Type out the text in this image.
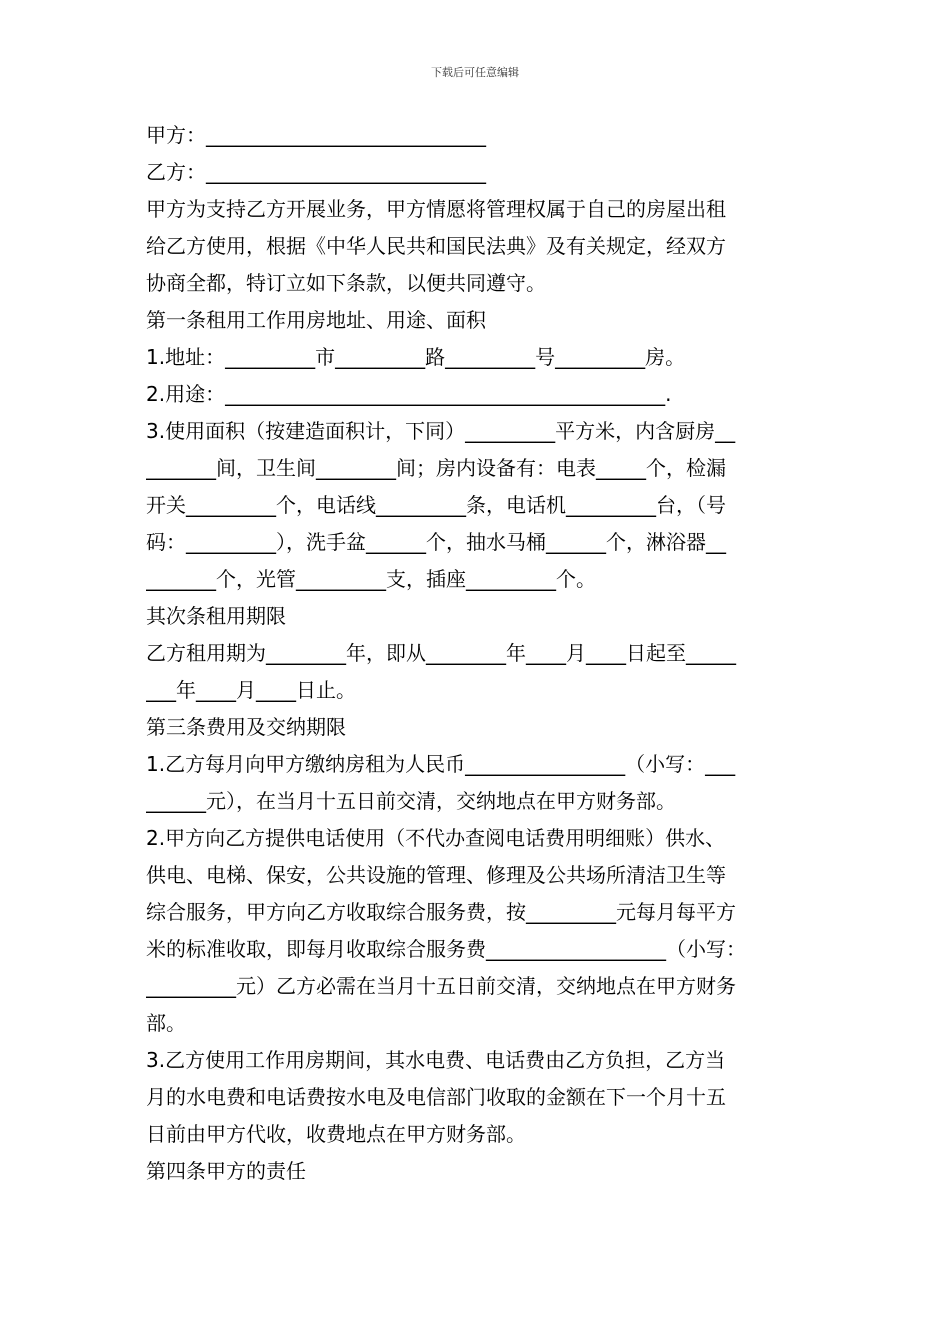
下载后可任意编辑
甲方：____________________________
乙方：____________________________
甲方为支持乙方开展业务，甲方情愿将管理权属于自己的房屋出租
给乙方使用，根据《中华人民共和国民法典》及有关规定，经双方
协商全都，特订立如下条款，以便共同遵守。
第一条租用工作用房地址、用途、面积
1.地址：_________市_________路_________号_________房。
2.用途：____________________________________________.
3.使用面积（按建造面积计，下同）_________平方米，内含厨房__
_______间，卫生间________间；房内设备有：电表_____个，检漏
开关_________个，电话线_________条，电话机_________台，（号
码：_________），洗手盆______个，抽水马桶______个，淋浴器__
_______个，光管_________支，插座_________个。
其次条租用期限
乙方租用期为________年，即从________年____月____日起至_____
___年____月____日止。
第三条费用及交纳期限
1.乙方每月向甲方缴纳房租为人民币________________（小写：___
______元），在当月十五日前交清，交纳地点在甲方财务部。
2.甲方向乙方提供电话使用（不代办查阅电话费用明细账）供水、
供电、电梯、保安，公共设施的管理、修理及公共场所清洁卫生等
综合服务，甲方向乙方收取综合服务费，按_________元每月每平方
米的标准收取，即每月收取综合服务费__________________（小写：
_________元）乙方必需在当月十五日前交清，交纳地点在甲方财务
部。
3.乙方使用工作用房期间，其水电费、电话费由乙方负担，乙方当
月的水电费和电话费按水电及电信部门收取的金额在下一个月十五
日前由甲方代收，收费地点在甲方财务部。
第四条甲方的责任
